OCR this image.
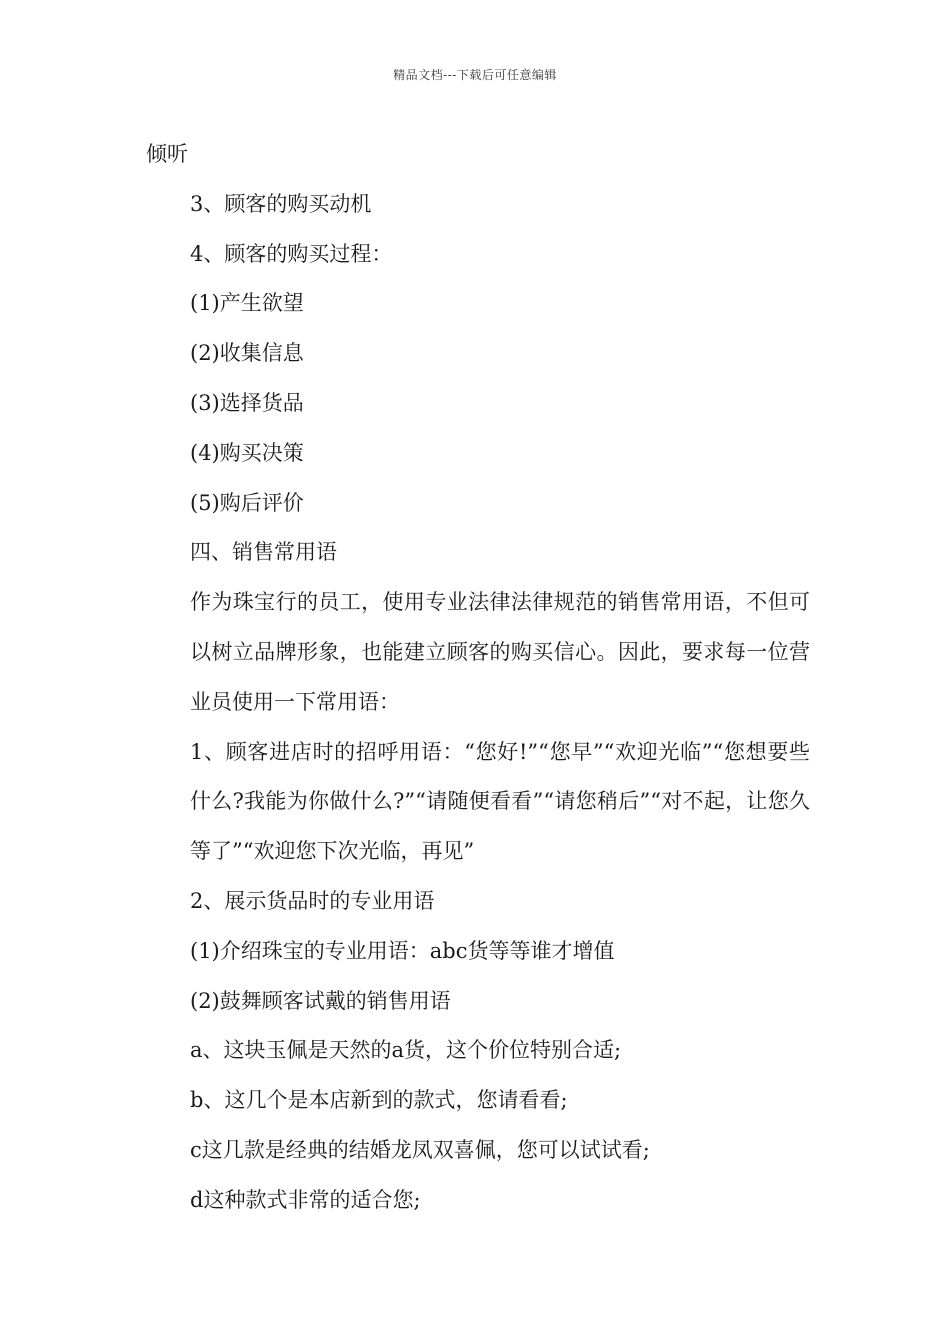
精品文档---下载后可任意编辑

倾听

3、顾客的购买动机

4、顾客的购买过程：

(1)产生欲望

(2)收集信息

(3)选择货品

(4)购买决策

(5)购后评价

四、销售常用语

作为珠宝行的员工，使用专业法律法律规范的销售常用语，不但可以树立品牌形象，也能建立顾客的购买信心。因此，要求每一位营业员使用一下常用语：

1、顾客进店时的招呼用语：“您好!”“您早”“欢迎光临”“您想要些什么?我能为你做什么?”“请随便看看”“请您稍后”“对不起，让您久等了”“欢迎您下次光临，再见”

2、展示货品时的专业用语

(1)介绍珠宝的专业用语：abc货等等谁才增值

(2)鼓舞顾客试戴的销售用语

a、这块玉佩是天然的a货，这个价位特别合适;

b、这几个是本店新到的款式，您请看看;

c这几款是经典的结婚龙凤双喜佩，您可以试试看;

d这种款式非常的适合您;
